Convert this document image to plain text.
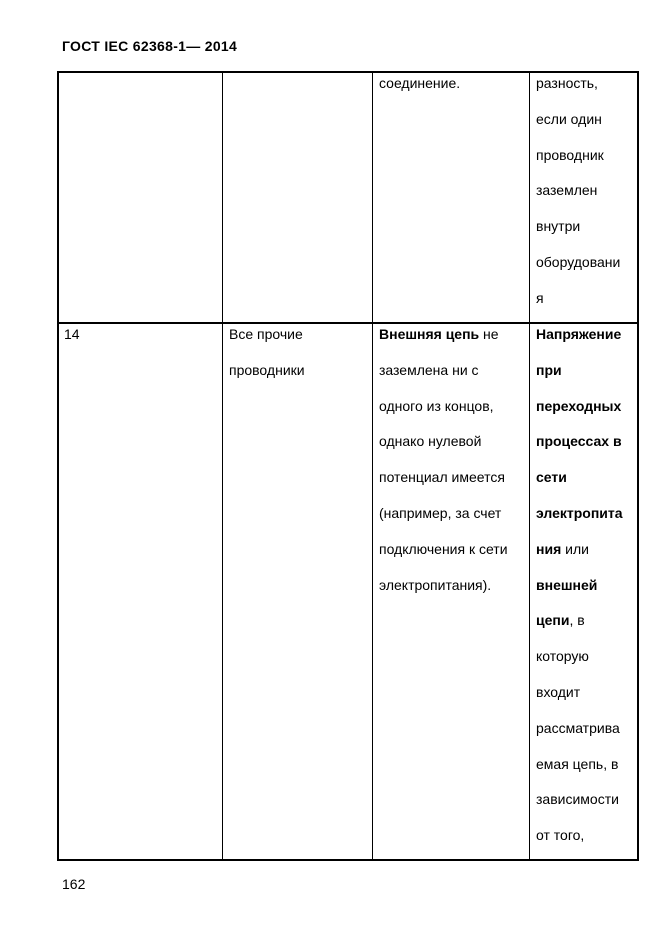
ГОСТ IEC 62368-1— 2014
соединение.	разность,
если один
проводник
заземлен
внутри
оборудовани
я
14	Все прочие
проводники
Внешняя цепь не
заземлена ни с
одного из концов,
однако нулевой
потенциал имеется
(например, за счет
подключения к сети
электропитания).
Напряжение
при
переходных
процессах в
сети
электропита
ния или
внешней
цепи, в
которую
входит
рассматрива
емая цепь, в
зависимости
от того,
162
